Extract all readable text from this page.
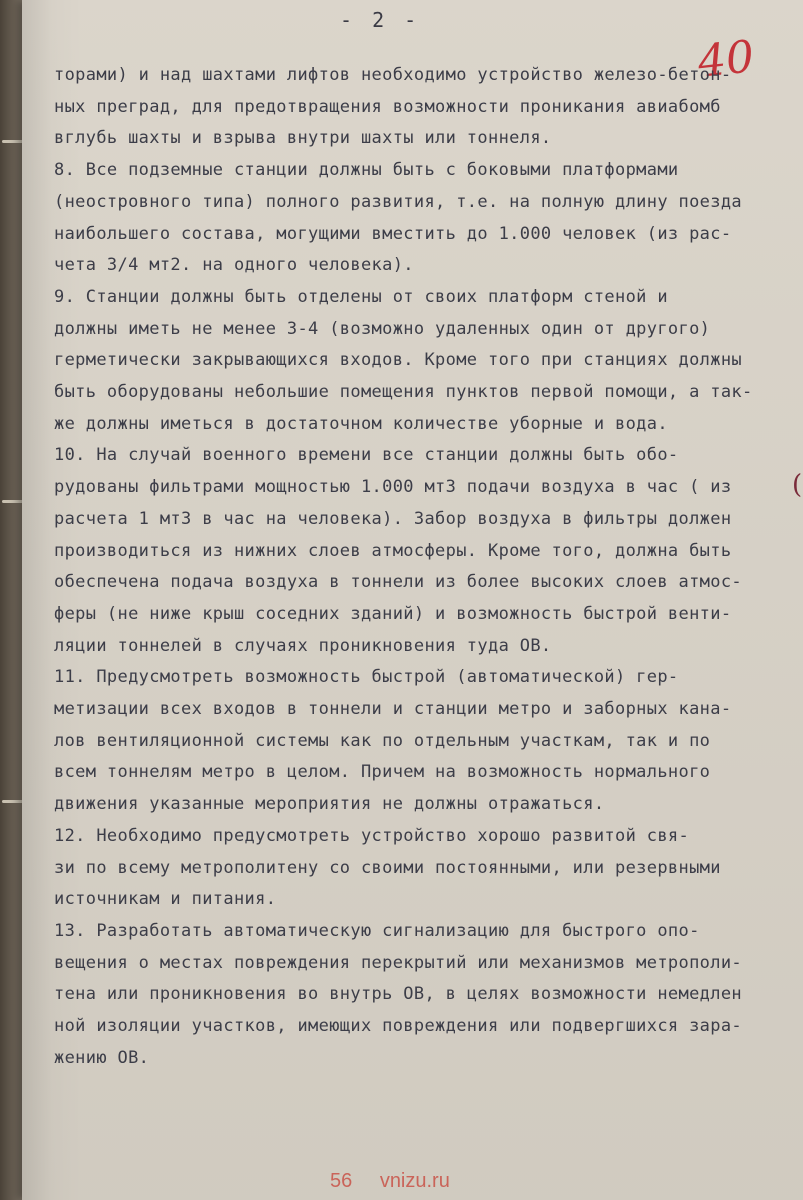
- 2 -
40
торами) и над шахтами лифтов необходимо устройство железо-бетон-
ных преград, для предотвращения возможности проникания авиабомб
вглубь шахты и взрыва внутри шахты или тоннеля.
8. Все подземные станции должны быть с боковыми платформами
(неостровного типа) полного развития, т.е. на полную длину поезда
наибольшего состава, могущими вместить до 1.000 человек (из рас-
чета 3/4 мт2. на одного человека).
9. Станции должны быть отделены от своих платформ стеной и
должны иметь не менее 3-4 (возможно удаленных один от другого)
герметически закрывающихся входов. Кроме того при станциях должны
быть оборудованы небольшие помещения пунктов первой помощи, а так-
же должны иметься в достаточном количестве уборные и вода.
10. На случай военного времени все станции должны быть обо-
рудованы фильтрами мощностью 1.000 мт3 подачи воздуха в час ( из
расчета 1 мт3 в час на человека). Забор воздуха в фильтры должен
производиться из нижних слоев атмосферы. Кроме того, должна быть
обеспечена подача воздуха в тоннели из более высоких слоев атмос-
феры (не ниже крыш соседних зданий) и возможность быстрой венти-
ляции тоннелей в случаях проникновения туда ОВ.
11. Предусмотреть возможность быстрой (автоматической) гер-
метизации всех входов в тоннели и станции метро и заборных кана-
лов вентиляционной системы как по отдельным участкам, так и по
всем тоннелям метро в целом. Причем на возможность нормального
движения указанные мероприятия не должны отражаться.
12. Необходимо предусмотреть устройство хорошо развитой свя-
зи по всему метрополитену со своими постоянными, или резервными
источникам и питания.
13. Разработать автоматическую сигнализацию для быстрого опо-
вещения о местах повреждения перекрытий или механизмов метрополи-
тена или проникновения во внутрь ОВ, в целях возможности немедлен
ной изоляции участков, имеющих повреждения или подвергшихся зара-
жению ОВ.
(
56 vnizu.ru
